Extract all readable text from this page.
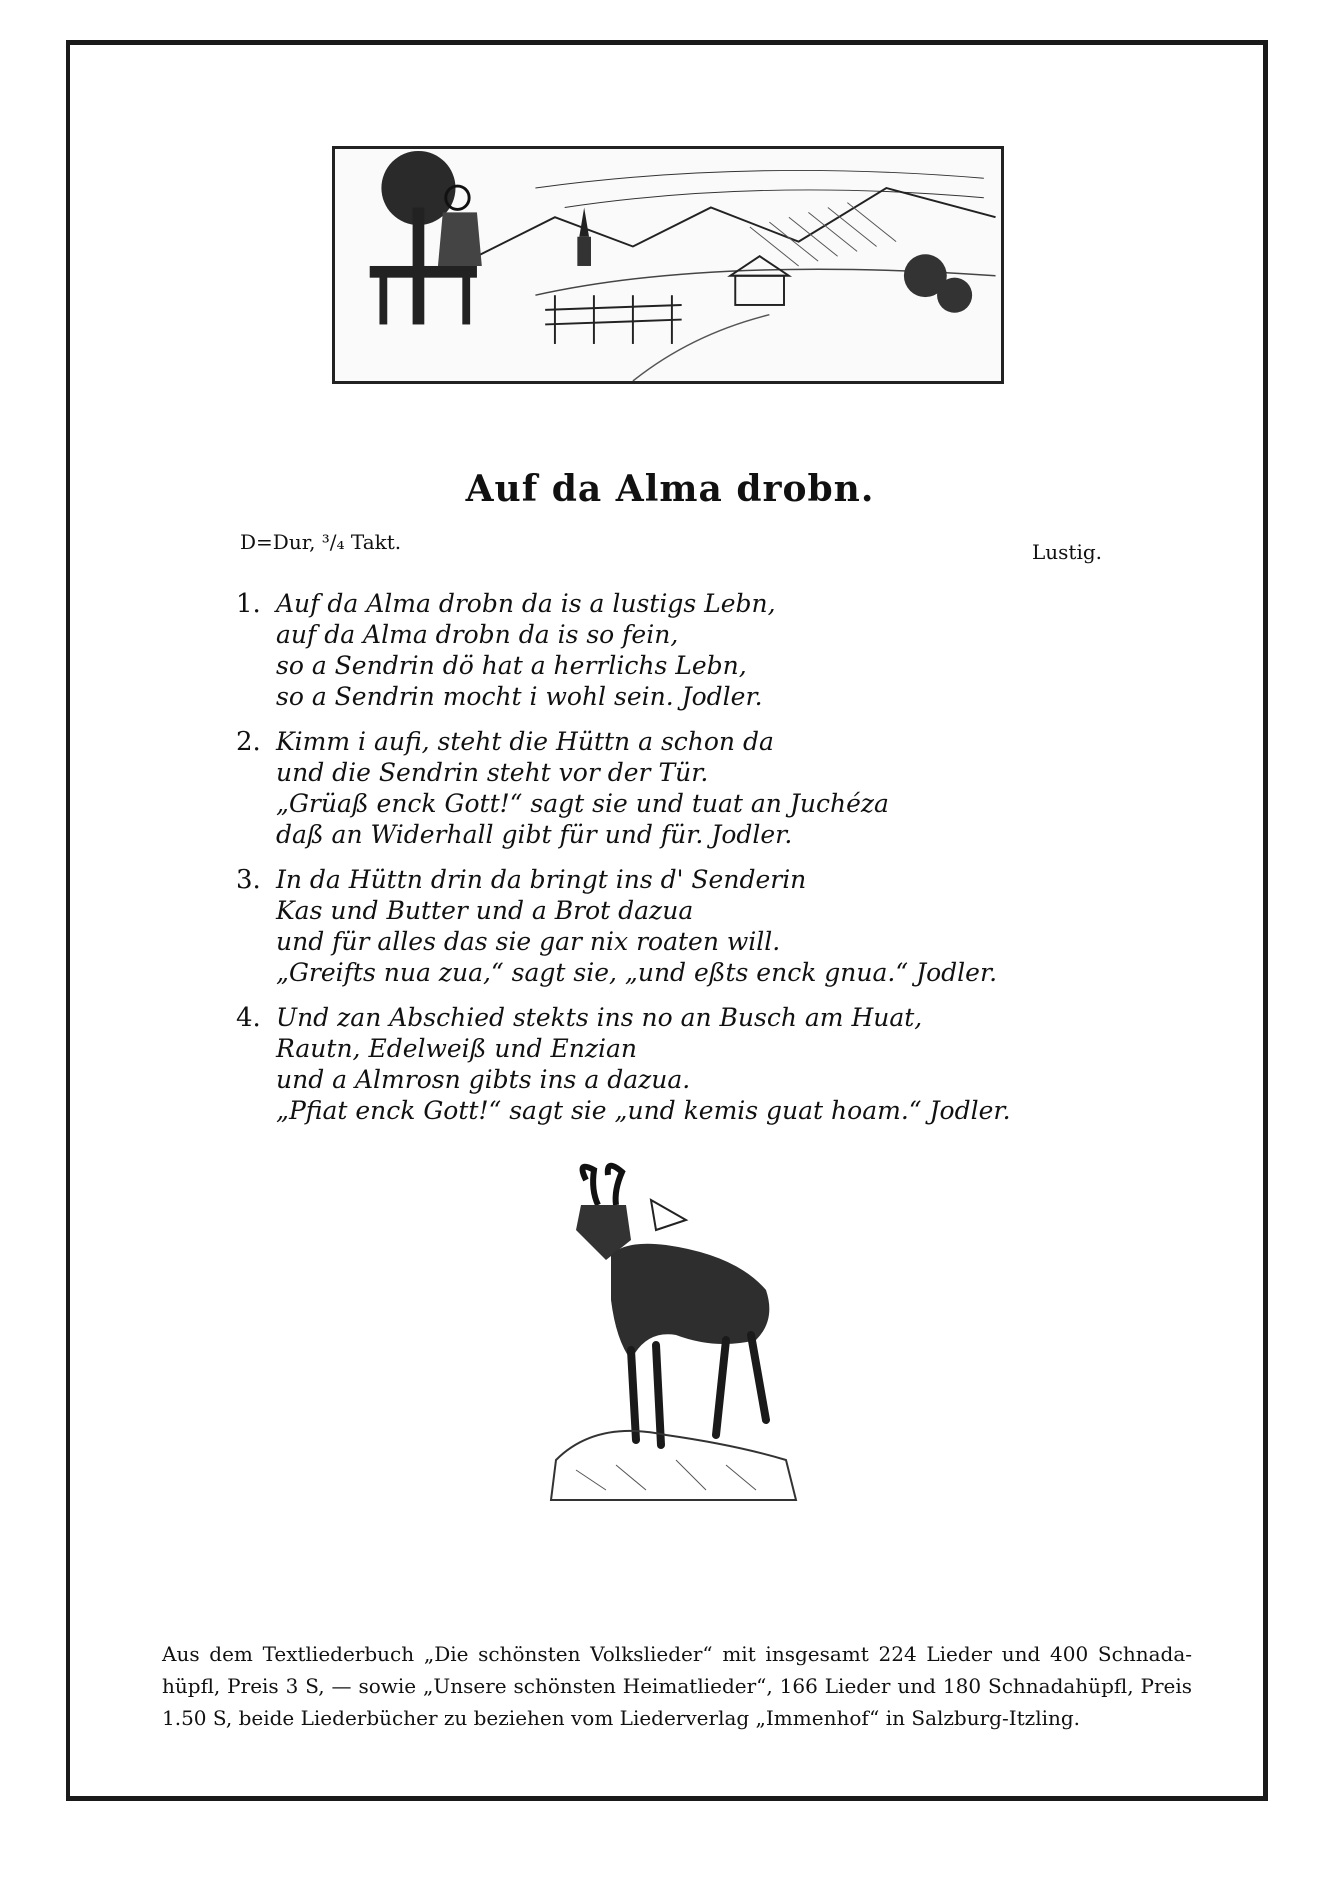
Auf da Alma drobn.
D=Dur, ³/₄ Takt.	Lustig.
1. Auf da Alma drobn da is a lustigs Lebn,
auf da Alma drobn da is so fein,
so a Sendrin dö hat a herrlichs Lebn,
so a Sendrin mocht i wohl sein. Jodler.
2. Kimm i aufi, steht die Hüttn a schon da
und die Sendrin steht vor der Tür.
„Grüaß enck Gott!“ sagt sie und tuat an Juchéza
daß an Widerhall gibt für und für. Jodler.
3. In da Hüttn drin da bringt ins d' Senderin
Kas und Butter und a Brot dazua
und für alles das sie gar nix roaten will.
„Greifts nua zua,“ sagt sie, „und eßts enck gnua.“ Jodler.
4. Und zan Abschied stekts ins no an Busch am Huat,
Rautn, Edelweiß und Enzian
und a Almrosn gibts ins a dazua.
„Pfiat enck Gott!“ sagt sie „und kemis guat hoam.“ Jodler.
Aus dem Textliederbuch „Die schönsten Volkslieder“ mit insgesamt 224 Lieder und 400 Schnada-hüpfl, Preis 3 S, — sowie „Unsere schönsten Heimatlieder“, 166 Lieder und 180 Schnadahüpfl, Preis 1.50 S, beide Liederbücher zu beziehen vom Liederverlag „Immenhof“ in Salzburg-Itzling.
